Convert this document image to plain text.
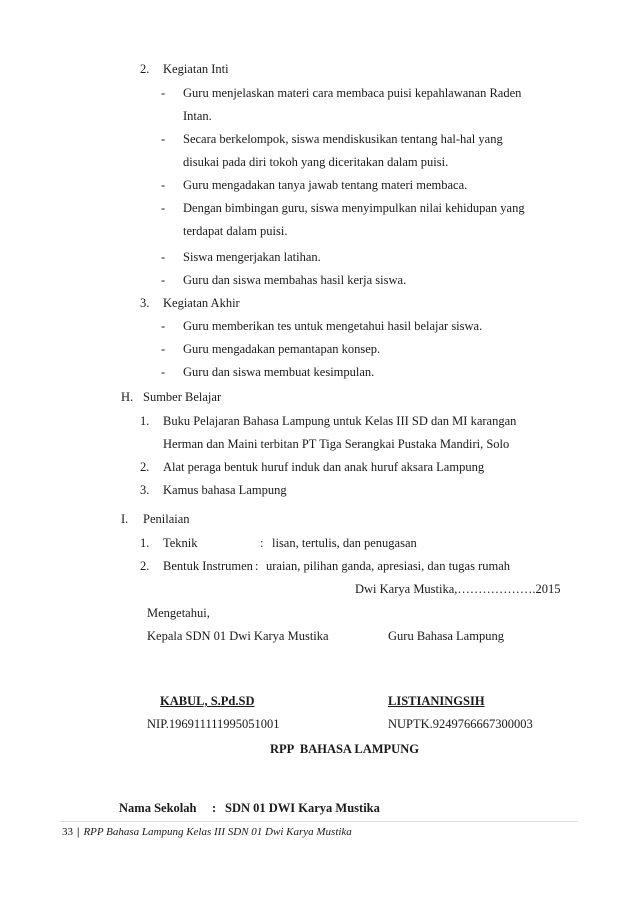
2. Kegiatan Inti
- Guru menjelaskan materi cara membaca puisi kepahlawanan Raden
Intan.
- Secara berkelompok, siswa mendiskusikan tentang hal-hal yang
disukai pada diri tokoh yang diceritakan dalam puisi.
- Guru mengadakan tanya jawab tentang materi membaca.
- Dengan bimbingan guru, siswa menyimpulkan nilai kehidupan yang
terdapat dalam puisi.
- Siswa mengerjakan latihan.
- Guru dan siswa membahas hasil kerja siswa.
3. Kegiatan Akhir
- Guru memberikan tes untuk mengetahui hasil belajar siswa.
- Guru mengadakan pemantapan konsep.
- Guru dan siswa membuat kesimpulan.
H. Sumber Belajar
1. Buku Pelajaran Bahasa Lampung untuk Kelas III SD dan MI karangan
Herman dan Maini terbitan PT Tiga Serangkai Pustaka Mandiri, Solo
2. Alat peraga bentuk huruf induk dan anak huruf aksara Lampung
3. Kamus bahasa Lampung
I. Penilaian
1. Teknik	: lisan, tertulis, dan penugasan
2. Bentuk Instrumen : uraian, pilihan ganda, apresiasi, dan tugas rumah
Dwi Karya Mustika,……………….2015
Mengetahui,
Kepala SDN 01 Dwi Karya Mustika	Guru Bahasa Lampung
KABUL, S.Pd.SD	LISTIANINGSIH
NIP.196911111995051001	NUPTK.9249766667300003
RPP  BAHASA LAMPUNG
Nama Sekolah : SDN 01 DWI Karya Mustika
33 | RPP Bahasa Lampung Kelas III SDN 01 Dwi Karya Mustika
